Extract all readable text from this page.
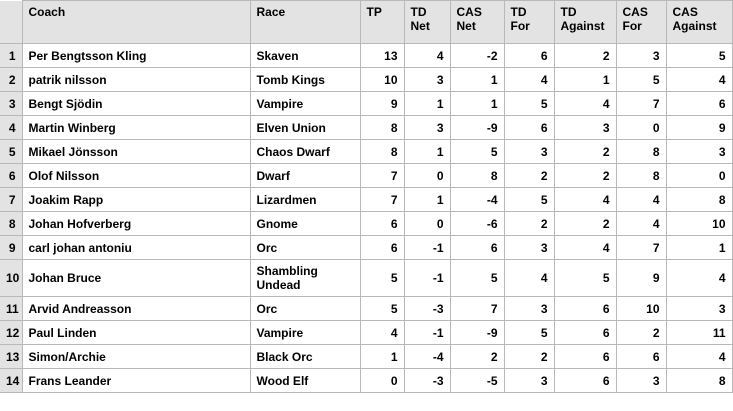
	Coach	Race	TP	TD Net	CAS Net	TD For	TD Against	CAS For	CAS Against
1	Per Bengtsson Kling	Skaven	13	4	-2	6	2	3	5
2	patrik nilsson	Tomb Kings	10	3	1	4	1	5	4
3	Bengt Sjödin	Vampire	9	1	1	5	4	7	6
4	Martin Winberg	Elven Union	8	3	-9	6	3	0	9
5	Mikael Jönsson	Chaos Dwarf	8	1	5	3	2	8	3
6	Olof Nilsson	Dwarf	7	0	8	2	2	8	0
7	Joakim Rapp	Lizardmen	7	1	-4	5	4	4	8
8	Johan Hofverberg	Gnome	6	0	-6	2	2	4	10
9	carl johan antoniu	Orc	6	-1	6	3	4	7	1
10	Johan Bruce	Shambling Undead	5	-1	5	4	5	9	4
11	Arvid Andreasson	Orc	5	-3	7	3	6	10	3
12	Paul Linden	Vampire	4	-1	-9	5	6	2	11
13	Simon/Archie	Black Orc	1	-4	2	2	6	6	4
14	Frans Leander	Wood Elf	0	-3	-5	3	6	3	8
